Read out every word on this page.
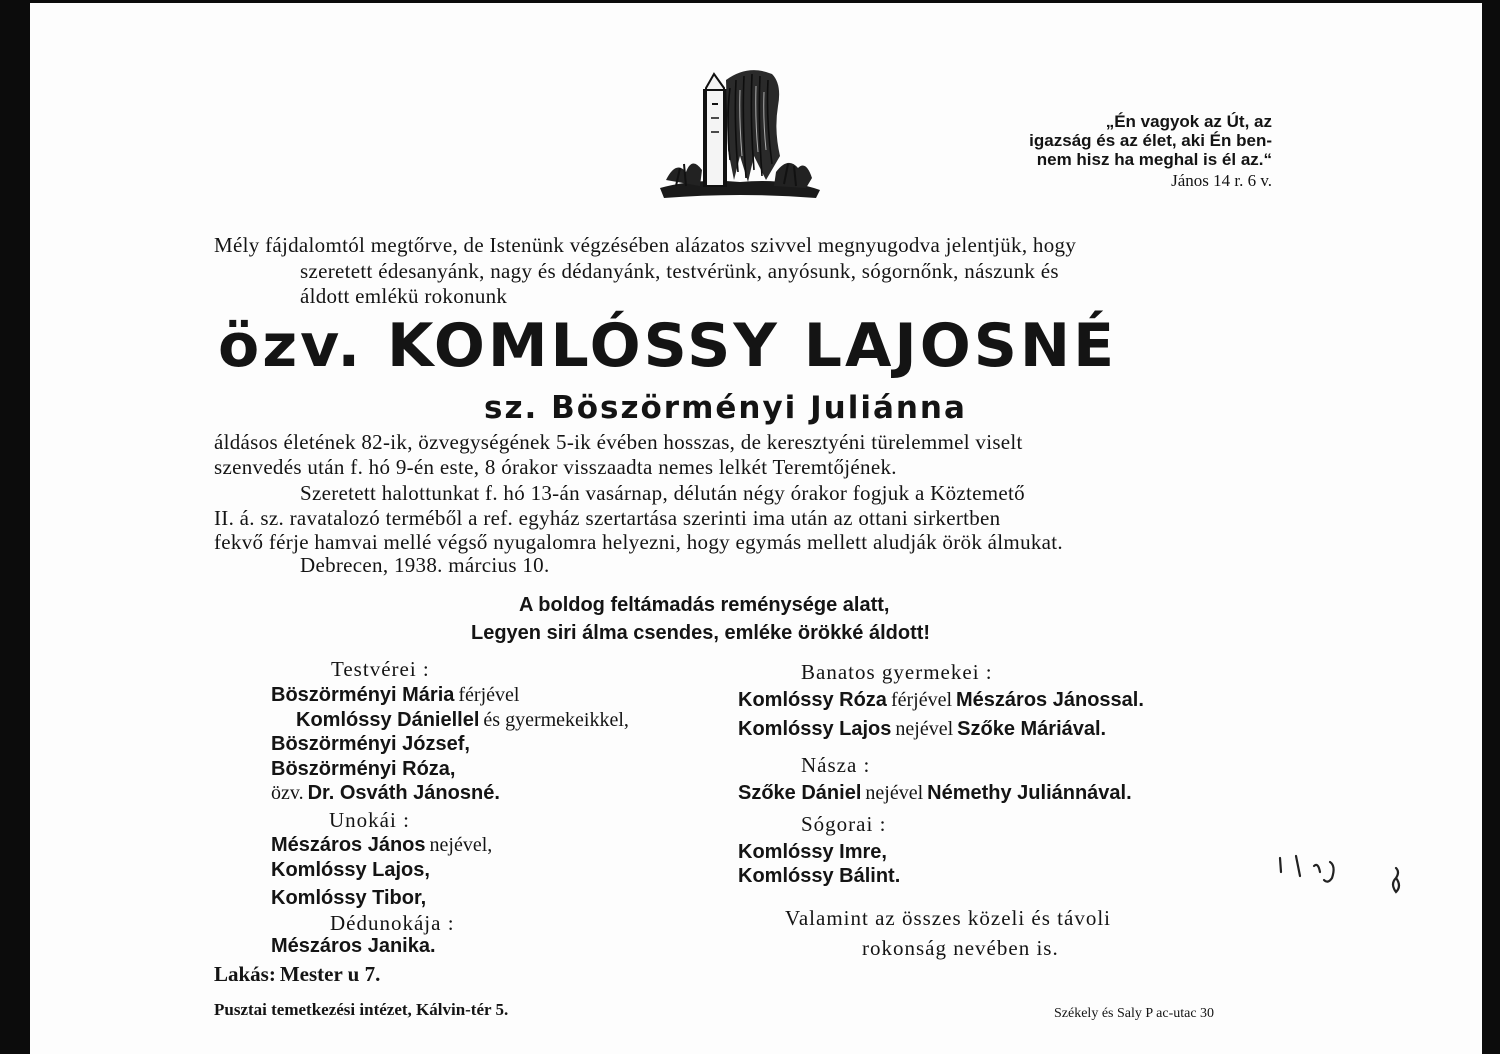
„Én vagyok az Út, az
igazság és az élet, aki Én ben-
nem hisz ha meghal is él az.“
János 14 r. 6 v.
Mély fájdalomtól megtőrve, de Istenünk végzésében alázatos szivvel megnyugodva jelentjük, hogy
szeretett édesanyánk, nagy és dédanyánk, testvérünk, anyósunk, sógornőnk, nászunk és
áldott emlékü rokonunk
özv. KOMLÓSSY LAJOSNÉ
sz. Böszörményi Juliánna
áldásos életének 82-ik, özvegységének 5-ik évében hosszas, de keresztyéni türelemmel viselt
szenvedés után f. hó 9-én este, 8 órakor visszaadta nemes lelkét Teremtőjének.
Szeretett halottunkat f. hó 13-án vasárnap, délután négy órakor fogjuk a Köztemető
II. á. sz. ravatalozó terméből a ref. egyház szertartása szerinti ima után az ottani sirkertben
fekvő férje hamvai mellé végső nyugalomra helyezni, hogy egymás mellett aludják örök álmukat.
Debrecen, 1938. március 10.
A boldog feltámadás reménysége alatt,
Legyen siri álma csendes, emléke örökké áldott!
Testvérei :
Böszörményi Mária férjével
Komlóssy Dániellel és gyermekeikkel,
Böszörményi József,
Böszörményi Róza,
özv. Dr. Osváth Jánosné.
Unokái :
Mészáros János nejével,
Komlóssy Lajos,
Komlóssy Tibor,
Dédunokája :
Mészáros Janika.
Lakás: Mester u 7.
Banatos gyermekei :
Komlóssy Róza férjével Mészáros Jánossal.
Komlóssy Lajos nejével Szőke Máriával.
Násza :
Szőke Dániel nejével Némethy Juliánnával.
Sógorai :
Komlóssy Imre,
Komlóssy Bálint.
Valamint az összes közeli és távoli
rokonság nevében is.
Pusztai temetkezési intézet, Kálvin-tér 5.	Székely és Saly P ac-utac 30
